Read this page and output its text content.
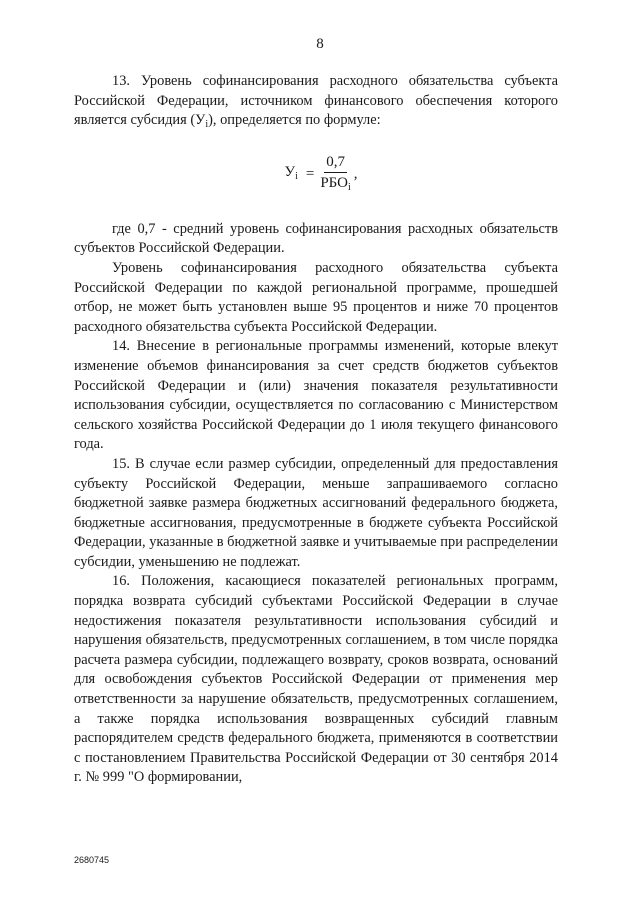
8

13. Уровень софинансирования расходного обязательства субъекта Российской Федерации, источником финансового обеспечения которого является субсидия $(У_i)$, определяется по формуле:

$У_i = \frac{0,7}{РБО_i}$ ,

где 0,7 - средний уровень софинансирования расходных обязательств субъектов Российской Федерации.

Уровень софинансирования расходного обязательства субъекта Российской Федерации по каждой региональной программе, прошедшей отбор, не может быть установлен выше 95 процентов и ниже 70 процентов расходного обязательства субъекта Российской Федерации.

14. Внесение в региональные программы изменений, которые влекут изменение объемов финансирования за счет средств бюджетов субъектов Российской Федерации и (или) значения показателя результативности использования субсидии, осуществляется по согласованию с Министерством сельского хозяйства Российской Федерации до 1 июля текущего финансового года.

15. В случае если размер субсидии, определенный для предоставления субъекту Российской Федерации, меньше запрашиваемого согласно бюджетной заявке размера бюджетных ассигнований федерального бюджета, бюджетные ассигнования, предусмотренные в бюджете субъекта Российской Федерации, указанные в бюджетной заявке и учитываемые при распределении субсидии, уменьшению не подлежат.

16. Положения, касающиеся показателей региональных программ, порядка возврата субсидий субъектами Российской Федерации в случае недостижения показателя результативности использования субсидий и нарушения обязательств, предусмотренных соглашением, в том числе порядка расчета размера субсидии, подлежащего возврату, сроков возврата, оснований для освобождения субъектов Российской Федерации от применения мер ответственности за нарушение обязательств, предусмотренных соглашением, а также порядка использования возвращенных субсидий главным распорядителем средств федерального бюджета, применяются в соответствии с постановлением Правительства Российской Федерации от 30 сентября 2014 г. № 999 "О формировании,

2680745
